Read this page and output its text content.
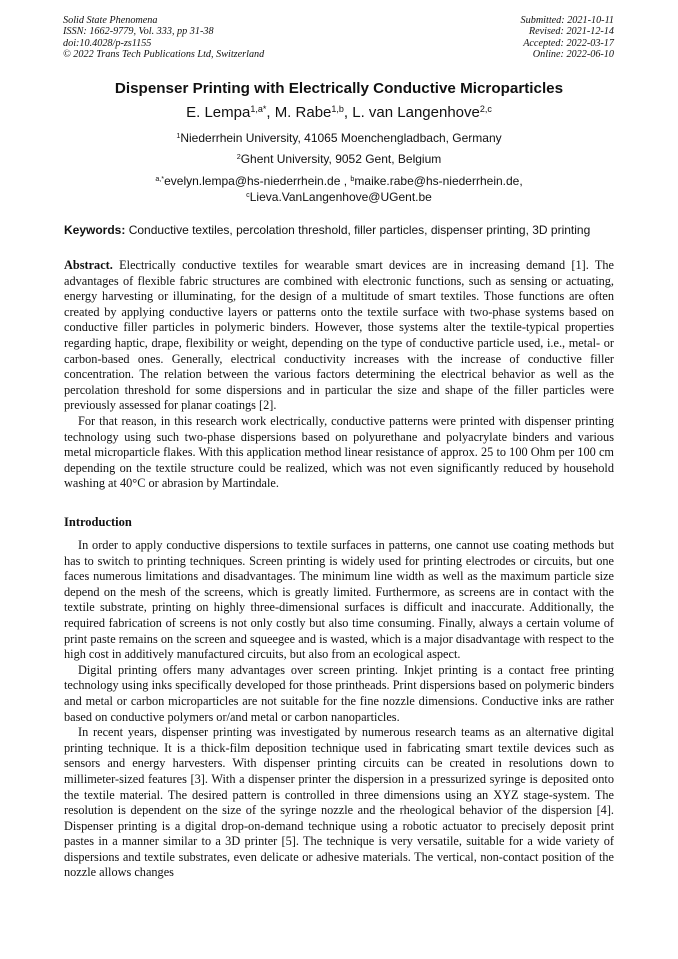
Solid State Phenomena
ISSN: 1662-9779, Vol. 333, pp 31-38
doi:10.4028/p-zs1155
© 2022 Trans Tech Publications Ltd, Switzerland
Submitted: 2021-10-11
Revised: 2021-12-14
Accepted: 2022-03-17
Online: 2022-06-10
Dispenser Printing with Electrically Conductive Microparticles
E. Lempa$^{1,a*}$, M. Rabe$^{1,b}$, L. van Langenhove$^{2,c}$
$^1$Niederrhein University, 41065 Moenchengladbach, Germany
$^2$Ghent University, 9052 Gent, Belgium
$^{a,*}$evelyn.lempa@hs-niederrhein.de , $^b$maike.rabe@hs-niederrhein.de,
$^c$Lieva.VanLangenhove@UGent.be
Keywords: Conductive textiles, percolation threshold, filler particles, dispenser printing, 3D printing

Abstract. Electrically conductive textiles for wearable smart devices are in increasing demand [1]. The advantages of flexible fabric structures are combined with electronic functions, such as sensing or actuating, energy harvesting or illuminating, for the design of a multitude of smart textiles. Those functions are often created by applying conductive layers or patterns onto the textile surface with two-phase systems based on conductive filler particles in polymeric binders. However, those systems alter the textile-typical properties regarding haptic, drape, flexibility or weight, depending on the type of conductive particle used, i.e., metal- or carbon-based ones. Generally, electrical conductivity increases with the increase of conductive filler concentration. The relation between the various factors determining the electrical behavior as well as the percolation threshold for some dispersions and in particular the size and shape of the filler particles were previously assessed for planar coatings [2].

For that reason, in this research work electrically, conductive patterns were printed with dispenser printing technology using such two-phase dispersions based on polyurethane and polyacrylate binders and various metal microparticle flakes. With this application method linear resistance of approx. 25 to 100 Ohm per 100 cm depending on the textile structure could be realized, which was not even significantly reduced by household washing at 40°C or abrasion by Martindale.

Introduction

In order to apply conductive dispersions to textile surfaces in patterns, one cannot use coating methods but has to switch to printing techniques. Screen printing is widely used for printing electrodes or circuits, but one faces numerous limitations and disadvantages. The minimum line width as well as the maximum particle size depend on the mesh of the screens, which is greatly limited. Furthermore, as screens are in contact with the textile substrate, printing on highly three-dimensional surfaces is difficult and inaccurate. Additionally, the required fabrication of screens is not only costly but also time consuming. Finally, always a certain volume of print paste remains on the screen and squeegee and is wasted, which is a major disadvantage with respect to the high cost in additively manufactured circuits, but also from an ecological aspect.

Digital printing offers many advantages over screen printing. Inkjet printing is a contact free printing technology using inks specifically developed for those printheads. Print dispersions based on polymeric binders and metal or carbon microparticles are not suitable for the fine nozzle dimensions. Conductive inks are rather based on conductive polymers or/and metal or carbon nanoparticles.

In recent years, dispenser printing was investigated by numerous research teams as an alternative digital printing technique. It is a thick-film deposition technique used in fabricating smart textile devices such as sensors and energy harvesters. With dispenser printing circuits can be created in resolutions down to millimeter-sized features [3]. With a dispenser printer the dispersion in a pressurized syringe is deposited onto the textile material. The desired pattern is controlled in three dimensions using an XYZ stage-system. The resolution is dependent on the size of the syringe nozzle and the rheological behavior of the dispersion [4]. Dispenser printing is a digital drop-on-demand technique using a robotic actuator to precisely deposit print pastes in a manner similar to a 3D printer [5]. The technique is very versatile, suitable for a wide variety of dispersions and textile substrates, even delicate or adhesive materials. The vertical, non-contact position of the nozzle allows changes
